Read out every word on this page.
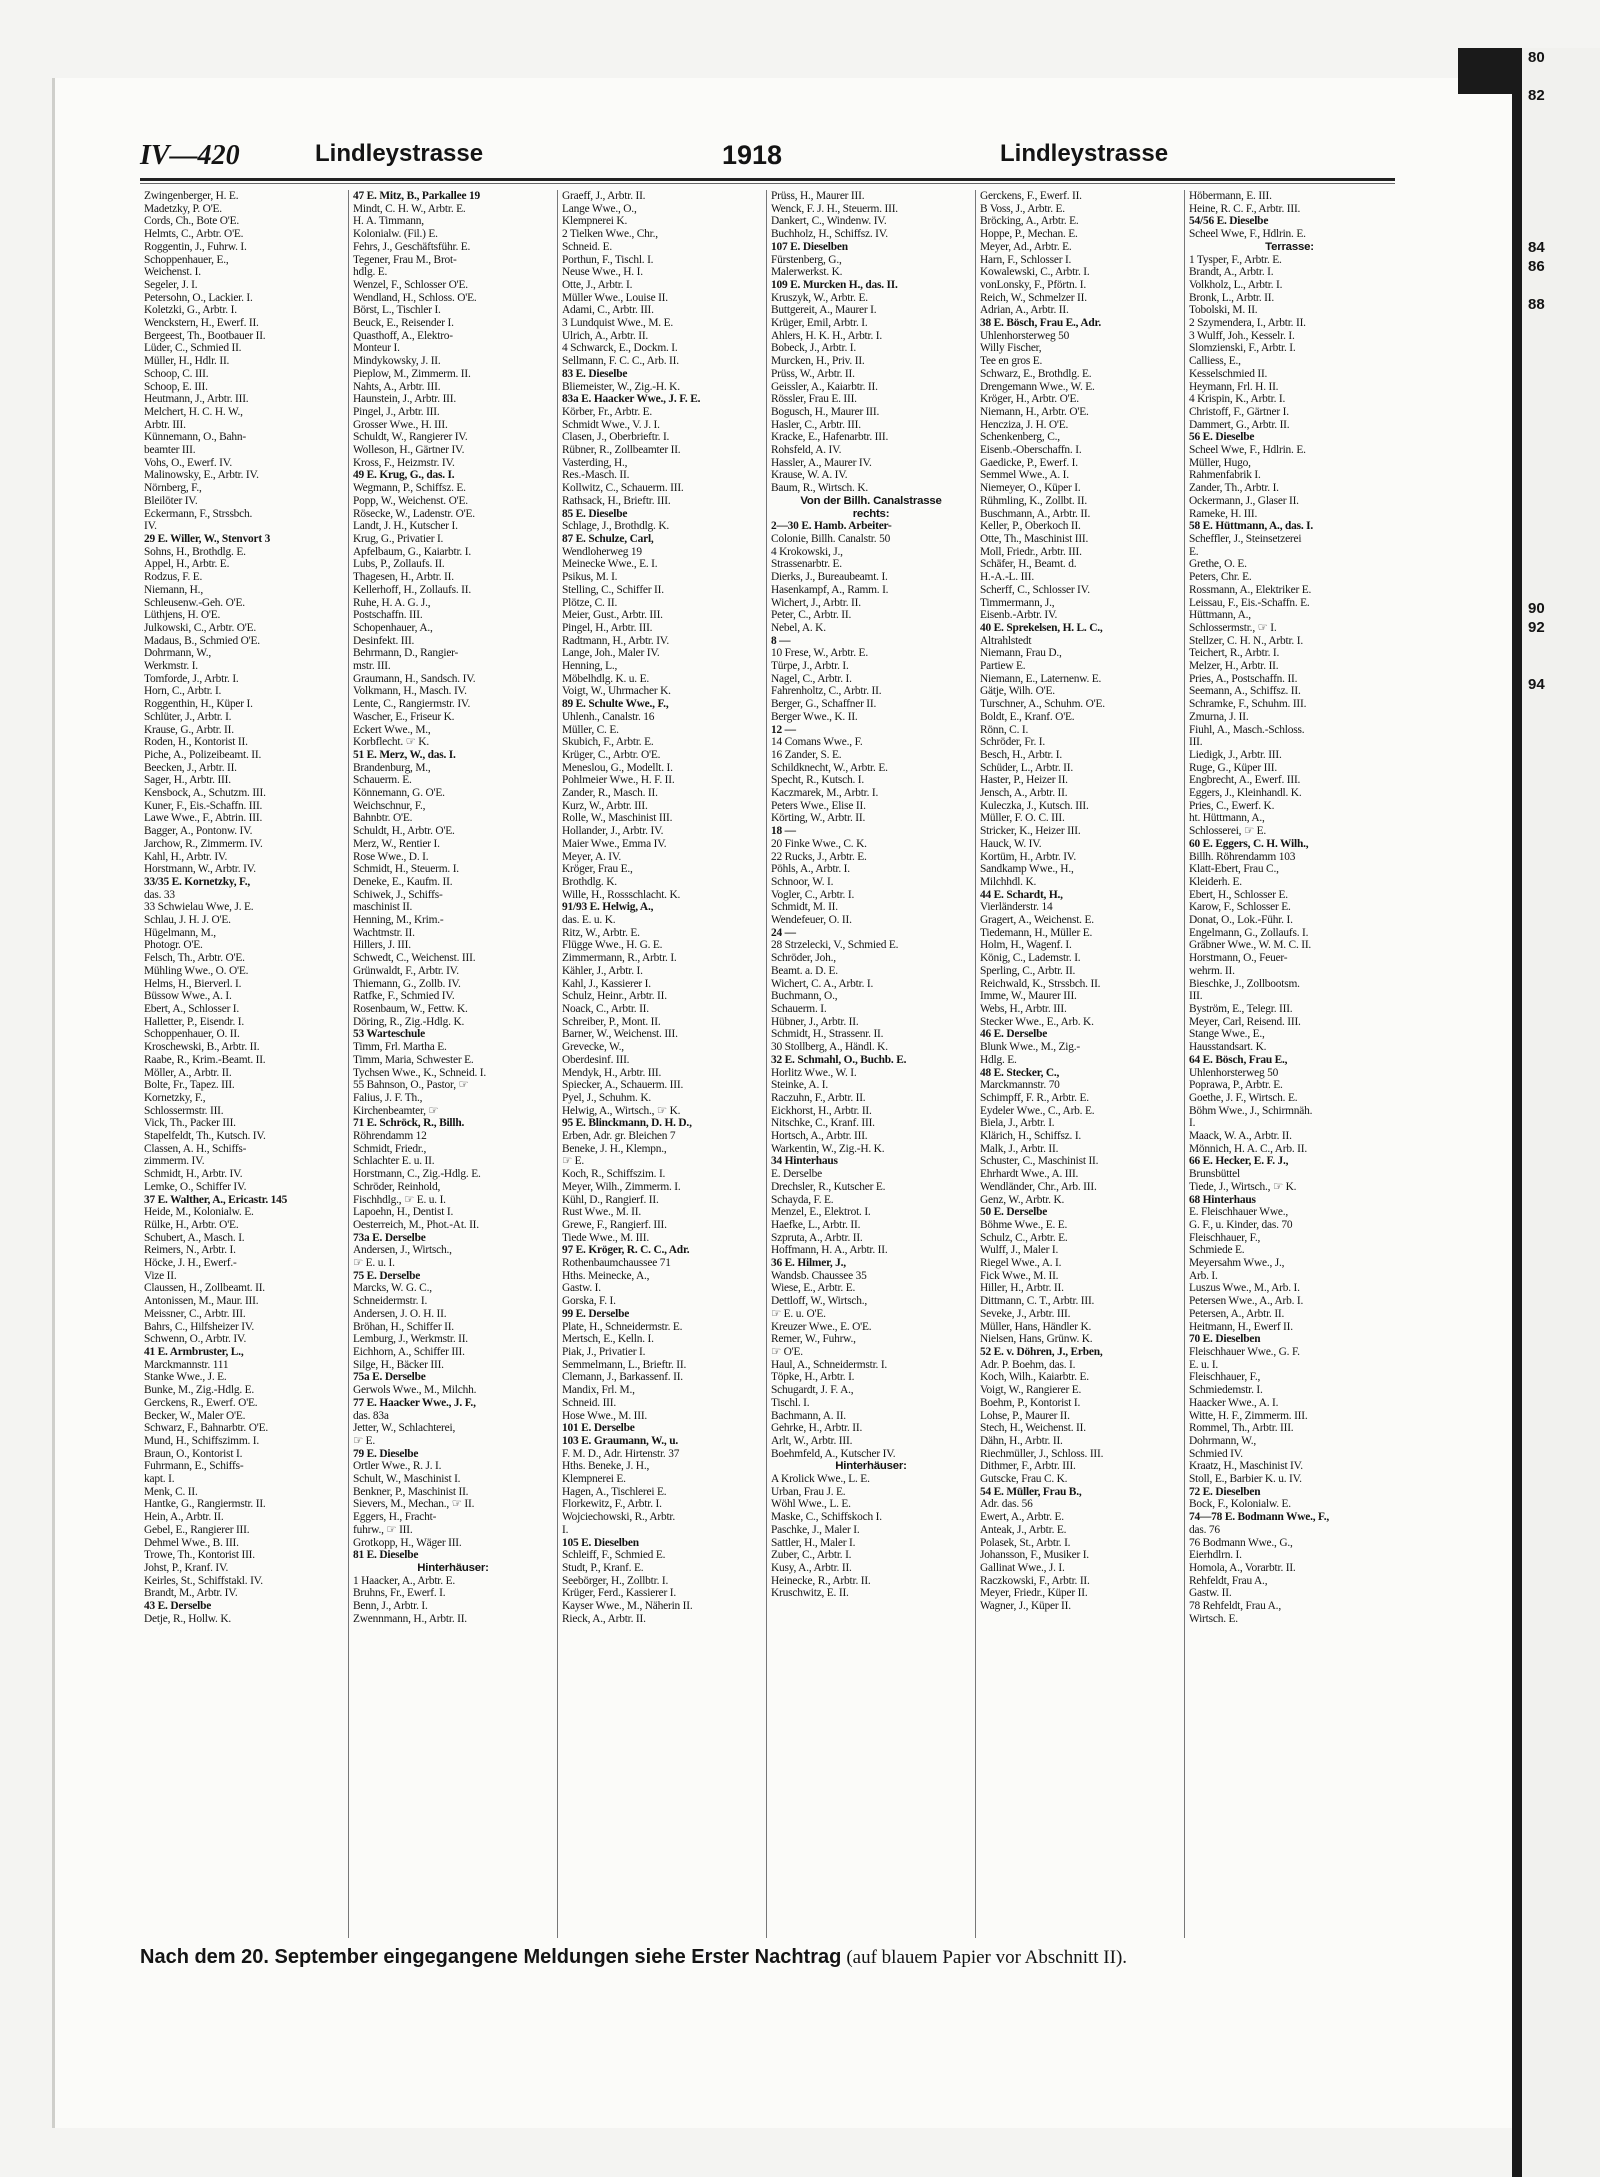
80

82

84
86

88

90
92

94
IV—420	Lindleystrasse	1918	Lindleystrasse
Zwingenberger, H. E.
Madetzky, P. O'E.
Cords, Ch., Bote O'E.
Helmts, C., Arbtr. O'E.
Roggentin, J., Fuhrw. I.
Schoppenhauer, E.,
Weichenst. I.
Segeler, J. I.
Petersohn, O., Lackier. I.
Koletzki, G., Arbtr. I.
Wenckstern, H., Ewerf. II.
Bergeest, Th., Bootbauer II.
Lüder, C., Schmied II.
Müller, H., Hdlr. II.
Schoop, C. III.
Schoop, E. III.
Heutmann, J., Arbtr. III.
Melchert, H. C. H. W.,
Arbtr. III.
Künnemann, O., Bahn-
beamter III.
Vohs, O., Ewerf. IV.
Malinowsky, E., Arbtr. IV.
Nörnberg, F.,
Bleilöter IV.
Eckermann, F., Strssbch.
IV.
29 E. Willer, W., Stenvort 3
Sohns, H., Brothdlg. E.
Appel, H., Arbtr. E.
Rodzus, F. E.
Niemann, H.,
Schleusenw.-Geh. O'E.
Lüthjens, H. O'E.
Julkowski, C., Arbtr. O'E.
Madaus, B., Schmied O'E.
Dohrmann, W.,
Werkmstr. I.
Tomforde, J., Arbtr. I.
Horn, C., Arbtr. I.
Roggenthin, H., Küper I.
Schlüter, J., Arbtr. I.
Krause, G., Arbtr. II.
Roden, H., Kontorist II.
Piche, A., Polizeibeamt. II.
Beecken, J., Arbtr. II.
Sager, H., Arbtr. III.
Kensbock, A., Schutzm. III.
Kuner, F., Eis.-Schaffn. III.
Lawe Wwe., F., Abtrin. III.
Bagger, A., Pontonw. IV.
Jarchow, R., Zimmerm. IV.
Kahl, H., Arbtr. IV.
Horstmann, W., Arbtr. IV.
33/35 E. Kornetzky, F.,
das. 33
33 Schwielau Wwe, J. E.
Schlau, J. H. J. O'E.
Hügelmann, M.,
Photogr. O'E.
Felsch, Th., Arbtr. O'E.
Mühling Wwe., O. O'E.
Helms, H., Bierverl. I.
Büssow Wwe., A. I.
Ebert, A., Schlosser I.
Halletter, P., Eisendr. I.
Schoppenhauer, O. II.
Kroschewski, B., Arbtr. II.
Raabe, R., Krim.-Beamt. II.
Möller, A., Arbtr. II.
Bolte, Fr., Tapez. III.
Kornetzky, F.,
Schlossermstr. III.
Vick, Th., Packer III.
Stapelfeldt, Th., Kutsch. IV.
Classen, A. H., Schiffs-
zimmerm. IV.
Schmidt, H., Arbtr. IV.
Lemke, O., Schiffer IV.
37 E. Walther, A., Ericastr. 145
Heide, M., Kolonialw. E.
Rülke, H., Arbtr. O'E.
Schubert, A., Masch. I.
Reimers, N., Arbtr. I.
Höcke, J. H., Ewerf.-
Vize II.
Claussen, H., Zollbeamt. II.
Antonissen, M., Maur. III.
Meissner, C., Arbtr. III.
Bahrs, C., Hilfsheizer IV.
Schwenn, O., Arbtr. IV.
41 E. Armbruster, L.,
Marckmannstr. 111
Stanke Wwe., J. E.
Bunke, M., Zig.-Hdlg. E.
Gerckens, R., Ewerf. O'E.
Becker, W., Maler O'E.
Schwarz, F., Bahnarbtr. O'E.
Mund, H., Schiffszimm. I.
Braun, O., Kontorist I.
Fuhrmann, E., Schiffs-
kapt. I.
Menk, C. II.
Hantke, G., Rangiermstr. II.
Hein, A., Arbtr. II.
Gebel, E., Rangierer III.
Dehmel Wwe., B. III.
Trowe, Th., Kontorist III.
Johst, P., Kranf. IV.
Keirles, St., Schiffstakl. IV.
Brandt, M., Arbtr. IV.
43 E. Derselbe
Detje, R., Hollw. K.
47 E. Mitz, B., Parkallee 19
Mindt, C. H. W., Arbtr. E.
H. A. Timmann,
Kolonialw. (Fil.) E.
Fehrs, J., Geschäftsführ. E.
Tegener, Frau M., Brot-
hdlg. E.
Wenzel, F., Schlosser O'E.
Wendland, H., Schloss. O'E.
Börst, L., Tischler I.
Beuck, E., Reisender I.
Quasthoff, A., Elektro-
Monteur I.
Mindykowsky, J. II.
Pieplow, M., Zimmerm. II.
Nahts, A., Arbtr. III.
Haunstein, J., Arbtr. III.
Pingel, J., Arbtr. III.
Grosser Wwe., H. III.
Schuldt, W., Rangierer IV.
Wolleson, H., Gärtner IV.
Kross, F., Heizmstr. IV.
49 E. Krug, G., das. I.
Wegmann, P., Schiffsz. E.
Popp, W., Weichenst. O'E.
Rösecke, W., Ladenstr. O'E.
Landt, J. H., Kutscher I.
Krug, G., Privatier I.
Apfelbaum, G., Kaiarbtr. I.
Lubs, P., Zollaufs. II.
Thagesen, H., Arbtr. II.
Kellerhoff, H., Zollaufs. II.
Ruhe, H. A. G. J.,
Postschaffn. III.
Schopenhauer, A.,
Desinfekt. III.
Behrmann, D., Rangier-
mstr. III.
Graumann, H., Sandsch. IV.
Volkmann, H., Masch. IV.
Lente, C., Rangiermstr. IV.
Wascher, E., Friseur K.
Eckert Wwe., M.,
Korbflecht. ☞ K.
51 E. Merz, W., das. I.
Brandenburg, M.,
Schauerm. E.
Könnemann, G. O'E.
Weichschnur, F.,
Bahnbtr. O'E.
Schuldt, H., Arbtr. O'E.
Merz, W., Rentier I.
Rose Wwe., D. I.
Schmidt, H., Steuerm. I.
Deneke, E., Kaufm. II.
Schiwek, J., Schiffs-
maschinist II.
Henning, M., Krim.-
Wachtmstr. II.
Hillers, J. III.
Schwedt, C., Weichenst. III.
Grünwaldt, F., Arbtr. IV.
Thiemann, G., Zollb. IV.
Ratfke, F., Schmied IV.
Rosenbaum, W., Fettw. K.
Döring, R., Zig.-Hdlg. K.
53 Warteschule
Timm, Frl. Martha E.
Timm, Maria, Schwester E.
Tychsen Wwe., K., Schneid. I.
55 Bahnson, O., Pastor, ☞
Falius, J. F. Th.,
Kirchenbeamter, ☞
71 E. Schröck, R., Billh.
Röhrendamm 12
Schmidt, Friedr.,
Schlachter E. u. II.
Horstmann, C., Zig.-Hdlg. E.
Schröder, Reinhold,
Fischhdlg., ☞ E. u. I.
Lapoehn, H., Dentist I.
Oesterreich, M., Phot.-At. II.
73a E. Derselbe
Andersen, J., Wirtsch.,
☞ E. u. I.
75 E. Derselbe
Marcks, W. G. C.,
Schneidermstr. I.
Andersen, J. O. H. II.
Bröhan, H., Schiffer II.
Lemburg, J., Werkmstr. II.
Eichhorn, A., Schiffer III.
Silge, H., Bäcker III.
75a E. Derselbe
Gerwols Wwe., M., Milchh.
77 E. Haacker Wwe., J. F.,
das. 83a
Jetter, W., Schlachterei,
☞ E.
79 E. Dieselbe
Ortler Wwe., R. J. I.
Schult, W., Maschinist I.
Benkner, P., Maschinist II.
Sievers, M., Mechan., ☞ II.
Eggers, H., Fracht-
fuhrw., ☞ III.
Grotkopp, H., Wäger III.
81 E. Dieselbe
Hinterhäuser:
1 Haacker, A., Arbtr. E.
Bruhns, Fr., Ewerf. I.
Benn, J., Arbtr. I.
Zwennmann, H., Arbtr. II.
Graeff, J., Arbtr. II.
Lange Wwe., O.,
Klempnerei K.
2 Tielken Wwe., Chr.,
Schneid. E.
Porthun, F., Tischl. I.
Neuse Wwe., H. I.
Otte, J., Arbtr. I.
Müller Wwe., Louise II.
Adami, C., Arbtr. III.
3 Lundquist Wwe., M. E.
Ulrich, A., Arbtr. II.
4 Schwarck, E., Dockm. I.
Sellmann, F. C. C., Arb. II.
83 E. Dieselbe
Bliemeister, W., Zig.-H. K.
83a E. Haacker Wwe., J. F. E.
Körber, Fr., Arbtr. E.
Schmidt Wwe., V. J. I.
Clasen, J., Oberbrieftr. I.
Rübner, R., Zollbeamter II.
Vasterding, H.,
Res.-Masch. II.
Kollwitz, C., Schauerm. III.
Rathsack, H., Brieftr. III.
85 E. Dieselbe
Schlage, J., Brothdlg. K.
87 E. Schulze, Carl,
Wendloherweg 19
Meinecke Wwe., E. I.
Psikus, M. I.
Stelling, C., Schiffer II.
Plötze, C. II.
Meier, Gust., Arbtr. III.
Pingel, H., Arbtr. III.
Radtmann, H., Arbtr. IV.
Lange, Joh., Maler IV.
Henning, L.,
Möbelhdlg. K. u. E.
Voigt, W., Uhrmacher K.
89 E. Schulte Wwe., F.,
Uhlenh., Canalstr. 16
Müller, C. E.
Skubich, F., Arbtr. E.
Krüger, C., Arbtr. O'E.
Meneslou, G., Modellt. I.
Pohlmeier Wwe., H. F. II.
Zander, R., Masch. II.
Kurz, W., Arbtr. III.
Rolle, W., Maschinist III.
Hollander, J., Arbtr. IV.
Maier Wwe., Emma IV.
Meyer, A. IV.
Kröger, Frau E.,
Brothdlg. K.
Wille, H., Rossschlacht. K.
91/93 E. Helwig, A.,
das. E. u. K.
Ritz, W., Arbtr. E.
Flügge Wwe., H. G. E.
Zimmermann, R., Arbtr. I.
Kähler, J., Arbtr. I.
Kahl, J., Kassierer I.
Schulz, Heinr., Arbtr. II.
Noack, C., Arbtr. II.
Schreiber, P., Mont. II.
Barner, W., Weichenst. III.
Grevecke, W.,
Oberdesinf. III.
Mendyk, H., Arbtr. III.
Spiecker, A., Schauerm. III.
Pyel, J., Schuhm. K.
Helwig, A., Wirtsch., ☞ K.
95 E. Blinckmann, D. H. D.,
Erben, Adr. gr. Bleichen 7
Beneke, J. H., Klempn.,
☞ E.
Koch, R., Schiffszim. I.
Meyer, Wilh., Zimmerm. I.
Kühl, D., Rangierf. II.
Rust Wwe., M. II.
Grewe, F., Rangierf. III.
Tiede Wwe., M. III.
97 E. Kröger, R. C. C., Adr.
Rothenbaumchaussee 71
Hths. Meinecke, A.,
Gastw. I.
Gorska, F. I.
99 E. Derselbe
Plate, H., Schneidermstr. E.
Mertsch, E., Kelln. I.
Piak, J., Privatier I.
Semmelmann, L., Brieftr. II.
Clemann, J., Barkassenf. II.
Mandix, Frl. M.,
Schneid. III.
Hose Wwe., M. III.
101 E. Derselbe
103 E. Graumann, W., u.
F. M. D., Adr. Hirtenstr. 37
Hths. Beneke, J. H.,
Klempnerei E.
Hagen, A., Tischlerei E.
Florkewitz, F., Arbtr. I.
Wojciechowski, R., Arbtr.
I.
105 E. Dieselben
Schleiff, F., Schmied E.
Studt, P., Kranf. E.
Seebörger, H., Zollbtr. I.
Krüger, Ferd., Kassierer I.
Kayser Wwe., M., Näherin II.
Rieck, A., Arbtr. II.
Prüss, H., Maurer III.
Wenck, F. J. H., Steuerm. III.
Dankert, C., Windenw. IV.
Buchholz, H., Schiffsz. IV.
107 E. Dieselben
Fürstenberg, G.,
Malerwerkst. K.
109 E. Murcken H., das. II.
Kruszyk, W., Arbtr. E.
Buttgereit, A., Maurer I.
Krüger, Emil, Arbtr. I.
Ahlers, H. K. H., Arbtr. I.
Bobeck, J., Arbtr. I.
Murcken, H., Priv. II.
Prüss, W., Arbtr. II.
Geissler, A., Kaiarbtr. II.
Rössler, Frau E. III.
Bogusch, H., Maurer III.
Hasler, C., Arbtr. III.
Kracke, E., Hafenarbtr. III.
Rohsfeld, A. IV.
Hassler, A., Maurer IV.
Krause, W. A. IV.
Baum, R., Wirtsch. K.
Von der Billh. Canalstrasse
rechts:
2—30 E. Hamb. Arbeiter-
Colonie, Billh. Canalstr. 50
4 Krokowski, J.,
Strassenarbtr. E.
Dierks, J., Bureaubeamt. I.
Hasenkampf, A., Ramm. I.
Wichert, J., Arbtr. II.
Peter, C., Arbtr. II.
Nebel, A. K.
8 —
10 Frese, W., Arbtr. E.
Türpe, J., Arbtr. I.
Nagel, C., Arbtr. I.
Fahrenholtz, C., Arbtr. II.
Berger, G., Schaffner II.
Berger Wwe., K. II.
12 —
14 Comans Wwe., F.
16 Zander, S. E.
Schildknecht, W., Arbtr. E.
Specht, R., Kutsch. I.
Kaczmarek, M., Arbtr. I.
Peters Wwe., Elise II.
Körting, W., Arbtr. II.
18 —
20 Finke Wwe., C. K.
22 Rucks, J., Arbtr. E.
Pöhls, A., Arbtr. I.
Schnoor, W. I.
Vogler, C., Arbtr. I.
Schmidt, M. II.
Wendefeuer, O. II.
24 —
28 Strzelecki, V., Schmied E.
Schröder, Joh.,
Beamt. a. D. E.
Wichert, C. A., Arbtr. I.
Buchmann, O.,
Schauerm. I.
Hübner, J., Arbtr. II.
Schmidt, H., Strassenr. II.
30 Stollberg, A., Händl. K.
32 E. Schmahl, O., Buchb. E.
Horlitz Wwe., W. I.
Steinke, A. I.
Raczuhn, F., Arbtr. II.
Eickhorst, H., Arbtr. II.
Nitschke, C., Kranf. III.
Hortsch, A., Arbtr. III.
Warkentin, W., Zig.-H. K.
34 Hinterhaus
E. Derselbe
Drechsler, R., Kutscher E.
Schayda, F. E.
Menzel, E., Elektrot. I.
Haefke, L., Arbtr. II.
Szpruta, A., Arbtr. II.
Hoffmann, H. A., Arbtr. II.
36 E. Hilmer, J.,
Wandsb. Chaussee 35
Wiese, E., Arbtr. E.
Dettloff, W., Wirtsch.,
☞ E. u. O'E.
Kreuzer Wwe., E. O'E.
Remer, W., Fuhrw.,
☞ O'E.
Haul, A., Schneidermstr. I.
Töpke, H., Arbtr. I.
Schugardt, J. F. A.,
Tischl. I.
Bachmann, A. II.
Gehrke, H., Arbtr. II.
Arlt, W., Arbtr. III.
Boehmfeld, A., Kutscher IV.
Hinterhäuser:
A Krolick Wwe., L. E.
Urban, Frau J. E.
Wöhl Wwe., L. E.
Maske, C., Schiffskoch I.
Paschke, J., Maler I.
Sattler, H., Maler I.
Zuber, C., Arbtr. I.
Kusy, A., Arbtr. II.
Heinecke, R., Arbtr. II.
Kruschwitz, E. II.
Gerckens, F., Ewerf. II.
B Voss, J., Arbtr. E.
Bröcking, A., Arbtr. E.
Hoppe, P., Mechan. E.
Meyer, Ad., Arbtr. E.
Harn, F., Schlosser I.
Kowalewski, C., Arbtr. I.
vonLonsky, F., Pförtn. I.
Reich, W., Schmelzer II.
Adrian, A., Arbtr. II.
38 E. Bösch, Frau E., Adr.
Uhlenhorsterweg 50
Willy Fischer,
Tee en gros E.
Schwarz, E., Brothdlg. E.
Drengemann Wwe., W. E.
Kröger, H., Arbtr. O'E.
Niemann, H., Arbtr. O'E.
Hencziza, J. H. O'E.
Schenkenberg, C.,
Eisenb.-Oberschaffn. I.
Gaedicke, P., Ewerf. I.
Semmel Wwe., A. I.
Niemeyer, O., Küper I.
Rühmling, K., Zollbt. II.
Buschmann, A., Arbtr. II.
Keller, P., Oberkoch II.
Otte, Th., Maschinist III.
Moll, Friedr., Arbtr. III.
Schäfer, H., Beamt. d.
H.-A.-L. III.
Scherff, C., Schlosser IV.
Timmermann, J.,
Eisenb.-Arbtr. IV.
40 E. Sprekelsen, H. L. C.,
Altrahlstedt
Niemann, Frau D.,
Partiew E.
Niemann, E., Laternenw. E.
Gätje, Wilh. O'E.
Turschner, A., Schuhm. O'E.
Boldt, E., Kranf. O'E.
Rönn, C. I.
Schröder, Fr. I.
Besch, H., Arbtr. I.
Schüder, L., Arbtr. II.
Haster, P., Heizer II.
Jensch, A., Arbtr. II.
Kuleczka, J., Kutsch. III.
Müller, F. O. C. III.
Stricker, K., Heizer III.
Hauck, W. IV.
Kortüm, H., Arbtr. IV.
Sandkamp Wwe., H.,
Milchhdl. K.
44 E. Schardt, H.,
Vierländerstr. 14
Gragert, A., Weichenst. E.
Tiedemann, H., Müller E.
Holm, H., Wagenf. I.
König, C., Lademstr. I.
Sperling, C., Arbtr. II.
Reichwald, K., Strssbch. II.
Imme, W., Maurer III.
Webs, H., Arbtr. III.
Stecker Wwe., E., Arb. K.
46 E. Derselbe
Blunk Wwe., M., Zig.-
Hdlg. E.
48 E. Stecker, C.,
Marckmannstr. 70
Schimpff, F. R., Arbtr. E.
Eydeler Wwe., C., Arb. E.
Biela, J., Arbtr. I.
Klärich, H., Schiffsz. I.
Malk, J., Arbtr. II.
Schuster, C., Maschinist II.
Ehrhardt Wwe., A. III.
Wendländer, Chr., Arb. III.
Genz, W., Arbtr. K.
50 E. Derselbe
Böhme Wwe., E. E.
Schulz, C., Arbtr. E.
Wulff, J., Maler I.
Riegel Wwe., A. I.
Fick Wwe., M. II.
Hiller, H., Arbtr. II.
Dittmann, C. T., Arbtr. III.
Seveke, J., Arbtr. III.
Müller, Hans, Händler K.
Nielsen, Hans, Grünw. K.
52 E. v. Döhren, J., Erben,
Adr. P. Boehm, das. I.
Koch, Wilh., Kaiarbtr. E.
Voigt, W., Rangierer E.
Boehm, P., Kontorist I.
Lohse, P., Maurer II.
Stech, H., Weichenst. II.
Dähn, H., Arbtr. II.
Riechmüller, J., Schloss. III.
Dithmer, F., Arbtr. III.
Gutscke, Frau C. K.
54 E. Müller, Frau B.,
Adr. das. 56
Ewert, A., Arbtr. E.
Anteak, J., Arbtr. E.
Polasek, St., Arbtr. I.
Johansson, F., Musiker I.
Gallinat Wwe., J. I.
Raczkowski, F., Arbtr. II.
Meyer, Friedr., Küper II.
Wagner, J., Küper II.
Höbermann, E. III.
Heine, R. C. F., Arbtr. III.
54/56 E. Dieselbe
Scheel Wwe, F., Hdlrin. E.
Terrasse:
1 Tysper, F., Arbtr. E.
Brandt, A., Arbtr. I.
Volkholz, L., Arbtr. I.
Bronk, L., Arbtr. II.
Tobolski, M. II.
2 Szymendera, I., Arbtr. II.
3 Wulff, Joh., Kesselr. I.
Slomzienski, F., Arbtr. I.
Calliess, E.,
Kesselschmied II.
Heymann, Frl. H. II.
4 Krispin, K., Arbtr. I.
Christoff, F., Gärtner I.
Dammert, G., Arbtr. II.
56 E. Dieselbe
Scheel Wwe, F., Hdlrin. E.
Müller, Hugo,
Rahmenfabrik I.
Zander, Th., Arbtr. I.
Ockermann, J., Glaser II.
Rameke, H. III.
58 E. Hüttmann, A., das. I.
Scheffler, J., Steinsetzerei
E.
Grethe, O. E.
Peters, Chr. E.
Rossmann, A., Elektriker E.
Leissau, F., Eis.-Schaffn. E.
Hüttmann, A.,
Schlossermstr., ☞ I.
Stellzer, C. H. N., Arbtr. I.
Teichert, R., Arbtr. I.
Melzer, H., Arbtr. II.
Pries, A., Postschaffn. II.
Seemann, A., Schiffsz. II.
Schramke, F., Schuhm. III.
Zmurna, J. II.
Fiuhl, A., Masch.-Schloss.
III.
Liedigk, J., Arbtr. III.
Ruge, G., Küper III.
Engbrecht, A., Ewerf. III.
Eggers, J., Kleinhandl. K.
Pries, C., Ewerf. K.
ht. Hüttmann, A.,
Schlosserei, ☞ E.
60 E. Eggers, C. H. Wilh.,
Billh. Röhrendamm 103
Klatt-Ebert, Frau C.,
Kleiderh. E.
Ebert, H., Schlosser E.
Karow, F., Schlosser E.
Donat, O., Lok.-Führ. I.
Engelmann, G., Zollaufs. I.
Gräbner Wwe., W. M. C. II.
Horstmann, O., Feuer-
wehrm. II.
Bieschke, J., Zollbootsm.
III.
Byström, E., Telegr. III.
Meyer, Carl, Reisend. III.
Stange Wwe., E.,
Hausstandsart. K.
64 E. Bösch, Frau E.,
Uhlenhorsterweg 50
Poprawa, P., Arbtr. E.
Goethe, J. F., Wirtsch. E.
Böhm Wwe., J., Schirmnäh.
I.
Maack, W. A., Arbtr. II.
Mönnich, H. A. C., Arb. II.
66 E. Hecker, E. F. J.,
Brunsbüttel
Tiede, J., Wirtsch., ☞ K.
68 Hinterhaus
E. Fleischhauer Wwe.,
G. F., u. Kinder, das. 70
Fleischhauer, F.,
Schmiede E.
Meyersahm Wwe., J.,
Arb. I.
Luszus Wwe., M., Arb. I.
Petersen Wwe., A., Arb. I.
Petersen, A., Arbtr. II.
Heitmann, H., Ewerf II.
70 E. Dieselben
Fleischhauer Wwe., G. F.
E. u. I.
Fleischhauer, F.,
Schmiedemstr. I.
Haacker Wwe., A. I.
Witte, H. F., Zimmerm. III.
Rommel, Th., Arbtr. III.
Dohrmann, W.,
Schmied IV.
Kraatz, H., Maschinist IV.
Stoll, E., Barbier K. u. IV.
72 E. Dieselben
Bock, F., Kolonialw. E.
74—78 E. Bodmann Wwe., F.,
das. 76
76 Bodmann Wwe., G.,
Eierhdlrn. I.
Homola, A., Vorarbtr. II.
Rehfeldt, Frau A.,
Gastw. II.
78 Rehfeldt, Frau A.,
Wirtsch. E.
Nach dem 20. September eingegangene Meldungen siehe Erster Nachtrag (auf blauem Papier vor Abschnitt II).
